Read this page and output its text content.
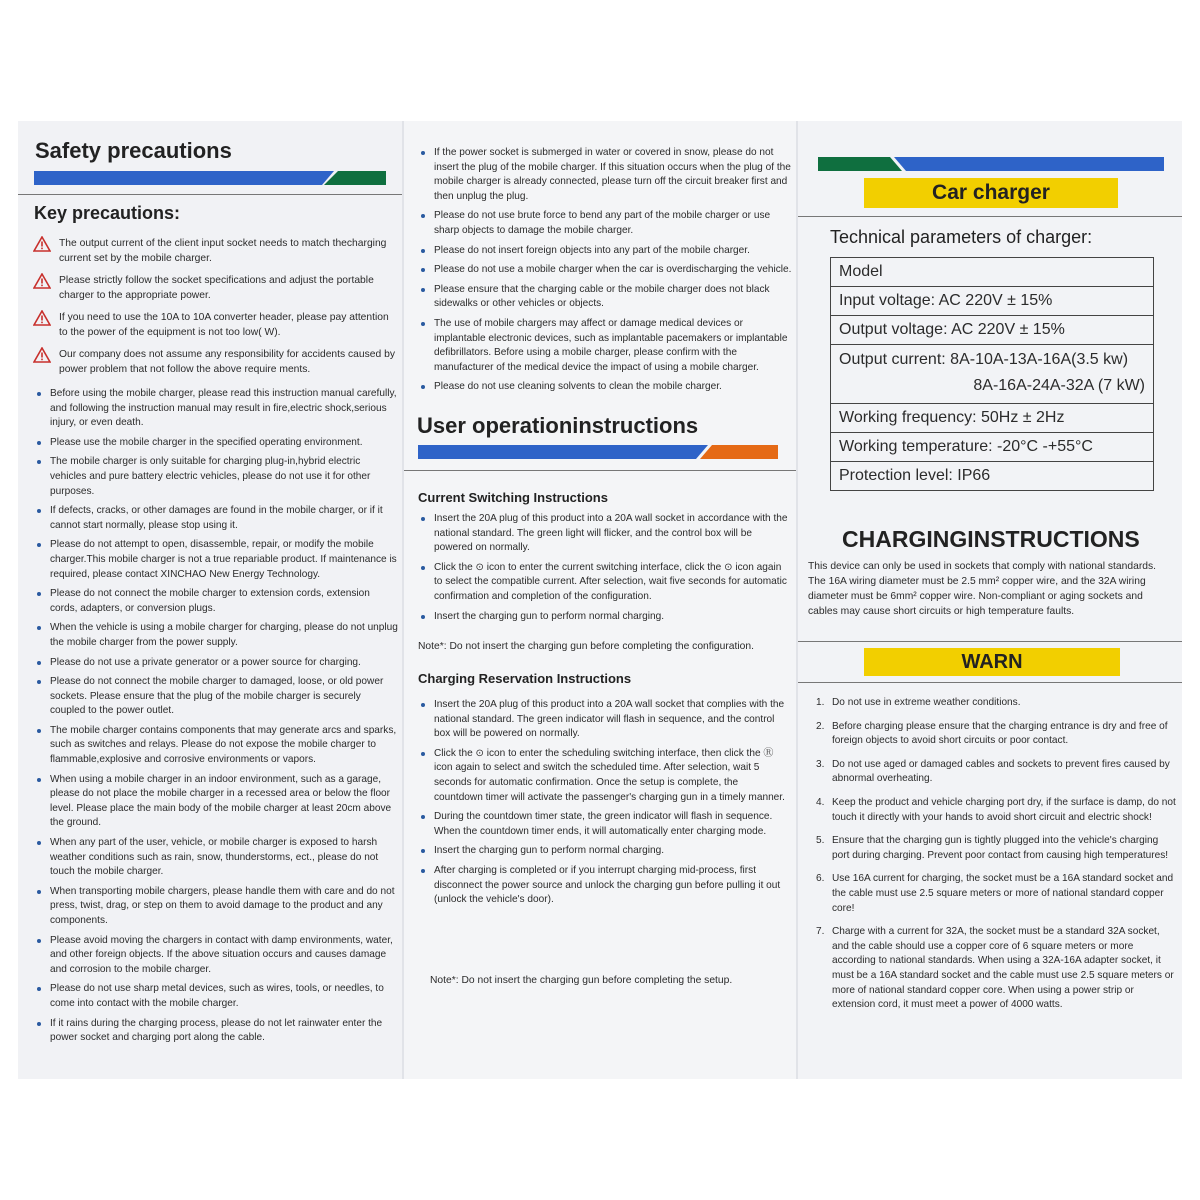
Safety precautions
Key precautions:
The output current of the client input socket needs to match thecharging current set by the mobile charger.
Please strictly follow the socket specifications and adjust the portable charger to the appropriate power.
If you need to use the 10A to 10A converter header, please pay attention to the power of the equipment is not too low( W).
Our company does not assume any responsibility for accidents caused by power problem that not follow the above require ments.
Before using the mobile charger, please read this instruction manual carefully, and following the instruction manual may result in fire,electric shock,serious injury, or even death.
Please use the mobile charger in the specified operating environment.
The mobile charger is only suitable for charging plug-in,hybrid electric vehicles and pure battery electric vehicles, please do not use it for other purposes.
If defects, cracks, or other damages are found in the mobile charger, or if it cannot start normally, please stop using it.
Please do not attempt to open, disassemble, repair, or modify the mobile charger.This mobile charger is not a true repariable product. If maintenance is required, please contact XINCHAO New Energy Technology.
Please do not connect the mobile charger to extension cords, extension cords, adapters, or conversion plugs.
When the vehicle is using a mobile charger for charging, please do not unplug the mobile charger from the power supply.
Please do not use a private generator or a power source for charging.
Please do not connect the mobile charger to damaged, loose, or old power sockets. Please ensure that the plug of the mobile charger is securely coupled to the power outlet.
The mobile charger contains components that may generate arcs and sparks, such as switches and relays. Please do not expose the mobile charger to flammable,explosive and corrosive environments or vapors.
When using a mobile charger in an indoor environment, such as a garage, please do not place the mobile charger in a recessed area or below the floor level. Please place the main body of the mobile charger at least 20cm above the ground.
When any part of the user, vehicle, or mobile charger is exposed to harsh weather conditions such as rain, snow, thunderstorms, ect., please do not touch the mobile charger.
When transporting mobile chargers, please handle them with care and do not press, twist, drag, or step on them to avoid damage to the product and any components.
Please avoid moving the chargers in contact with damp environments, water, and other foreign objects. If the above situation occurs and causes damage and corrosion to the mobile charger.
Please do not use sharp metal devices, such as wires, tools, or needles, to come into contact with the mobile charger.
If it rains during the charging process, please do not let rainwater enter the power socket and charging port along the cable.
If the power socket is submerged in water or covered in snow, please do not insert the plug of the mobile charger. If this situation occurs when the plug of the mobile charger is already connected, please turn off the circuit breaker first and then unplug the plug.
Please do not use brute force to bend any part of the mobile charger or use sharp objects to damage the mobile charger.
Please do not insert foreign objects into any part of the mobile charger.
Please do not use a mobile charger when the car is overdischarging the vehicle.
Please ensure that the charging cable or the mobile charger does not black sidewalks or other vehicles or objects.
The use of mobile chargers may affect or damage medical devices or implantable electronic devices, such as implantable pacemakers or implantable defibrillators. Before using a mobile charger, please confirm with the manufacturer of the medical device the impact of using a mobile charger.
Please do not use cleaning solvents to clean the mobile charger.
User operationinstructions
Current Switching Instructions
Insert the 20A plug of this product into a 20A wall socket in accordance with the national standard. The green light will flicker, and the control box will be powered on normally.
Click the ⊙ icon to enter the current switching interface, click the ⊙ icon again to select the compatible current. After selection, wait five seconds for automatic confirmation and completion of the configuration.
Insert the charging gun to perform normal charging.
Note*: Do not insert the charging gun before completing the configuration.
Charging Reservation Instructions
Insert the 20A plug of this product into a 20A wall socket that complies with the national standard. The green indicator will flash in sequence, and the control box will be powered on normally.
Click the ⊙ icon to enter the scheduling switching interface, then click the Ⓡ icon again to select and switch the scheduled time. After selection, wait 5 seconds for automatic confirmation. Once the setup is complete, the countdown timer will activate the passenger's charging gun in a timely manner.
During the countdown timer state, the green indicator will flash in sequence. When the countdown timer ends, it will automatically enter charging mode.
Insert the charging gun to perform normal charging.
After charging is completed or if you interrupt charging mid-process, first disconnect the power source and unlock the charging gun before pulling it out (unlock the vehicle's door).
Note*: Do not insert the charging gun before completing the setup.
Car charger
Technical parameters of charger:
Model
Input voltage: AC 220V ± 15%
Output voltage: AC 220V ± 15%

Output current: 8A-10A-13A-16A(3.5 kw)
8A-16A-24A-32A (7 kW)

Working frequency: 50Hz ± 2Hz
Working temperature: -20°C -+55°C
Protection level: IP66
CHARGINGINSTRUCTIONS
This device can only be used in sockets that comply with national standards. The 16A wiring diameter must be 2.5 mm² copper wire, and the 32A wiring diameter must be 6mm² copper wire. Non-compliant or aging sockets and cables may cause short circuits or high temperature faults.
WARN
1. Do not use in extreme weather conditions.
2. Before charging please ensure that the charging entrance is dry and free of foreign objects to avoid short circuits or poor contact.
3. Do not use aged or damaged cables and sockets to prevent fires caused by abnormal overheating.
4. Keep the product and vehicle charging port dry, if the surface is damp, do not touch it directly with your hands to avoid short circuit and electric shock!
5. Ensure that the charging gun is tightly plugged into the vehicle's charging port during charging. Prevent poor contact from causing high temperatures!
6. Use 16A current for charging, the socket must be a 16A standard socket and the cable must use 2.5 square meters or more of national standard copper core!
7. Charge with a current for 32A, the socket must be a standard 32A socket, and the cable should use a copper core of 6 square meters or more according to national standards. When using a 32A-16A adapter socket, it must be a 16A standard socket and the cable must use 2.5 square meters or more of national standard copper core. When using a power strip or extension cord, it must meet a power of 4000 watts.
